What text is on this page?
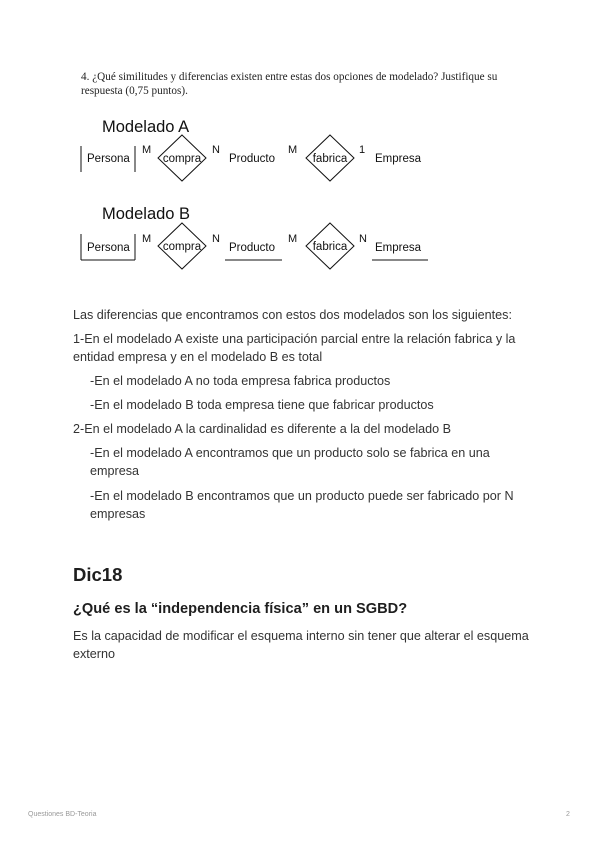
4. ¿Qué similitudes y diferencias existen entre estas dos opciones de modelado? Justifique su respuesta (0,75 puntos).
Modelado A
Persona
M
compra
N
Producto
M
fabrica
1
Empresa
Modelado B
Persona
M
compra
N
Producto
M
fabrica
N
Empresa
Las diferencias que encontramos con estos dos modelados son los siguientes:
1-En el modelado A existe una participación parcial entre la relación fabrica y la entidad empresa y en el modelado B es total
-En el modelado A no toda empresa fabrica productos
-En el modelado B toda empresa tiene que fabricar productos
2-En el modelado A la cardinalidad es diferente a la del modelado B
-En el modelado A encontramos que un producto solo se fabrica en una empresa
-En el modelado B encontramos que un producto puede ser fabricado por N empresas
Dic18
¿Qué es la “independencia física” en un SGBD?
Es la capacidad de modificar el esquema interno sin tener que alterar el esquema externo
Questiones BD-Teoria	2
